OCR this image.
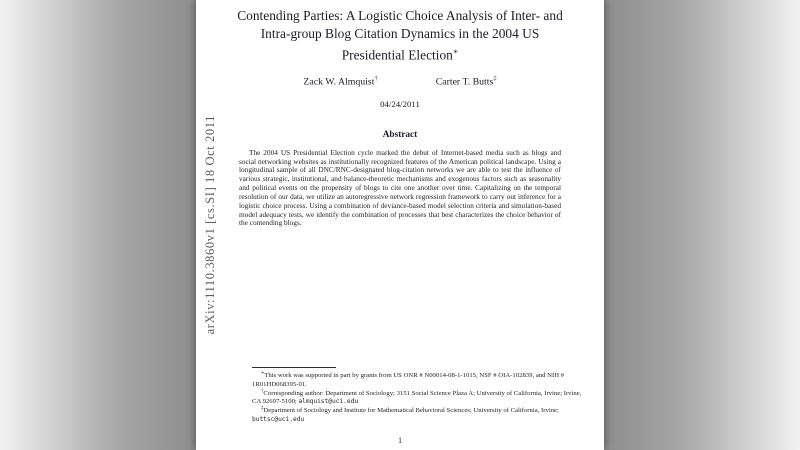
arXiv:1110.3860v1 [cs.SI] 18 Oct 2011
Contending Parties: A Logistic Choice Analysis of Inter- and
Intra-group Blog Citation Dynamics in the 2004 US
Presidential Election∗
Zack W. Almquist†	Carter T. Butts‡
04/24/2011
Abstract
The 2004 US Presidential Election cycle marked the debut of Internet-based media such as blogs and social networking websites as institutionally recognized features of the American political landscape. Using a longitudinal sample of all DNC/RNC-designated blog-citation networks we are able to test the influence of various strategic, institutional, and balance-theoretic mechanisms and exogenous factors such as seasonality and political events on the propensity of blogs to cite one another over time. Capitalizing on the temporal resolution of our data, we utilize an autoregressive network regression framework to carry out inference for a logistic choice process. Using a combination of deviance-based model selection criteria and simulation-based model adequacy tests, we identify the combination of processes that best characterizes the choice behavior of the contending blogs.

∗This work was supported in part by grants from US ONR # N00014-08-1-1015, NSF # OIA-102839, and NIH # 1R01HD068395-01.

†Corresponding author: Department of Sociology; 3151 Social Science Plaza A; University of California, Irvine; Irvine, CA 92697-5100; almquist@uci.edu

‡Department of Sociology and Institute for Mathematical Behavioral Sciences; University of California, Irvine; buttsc@uci.edu

1
